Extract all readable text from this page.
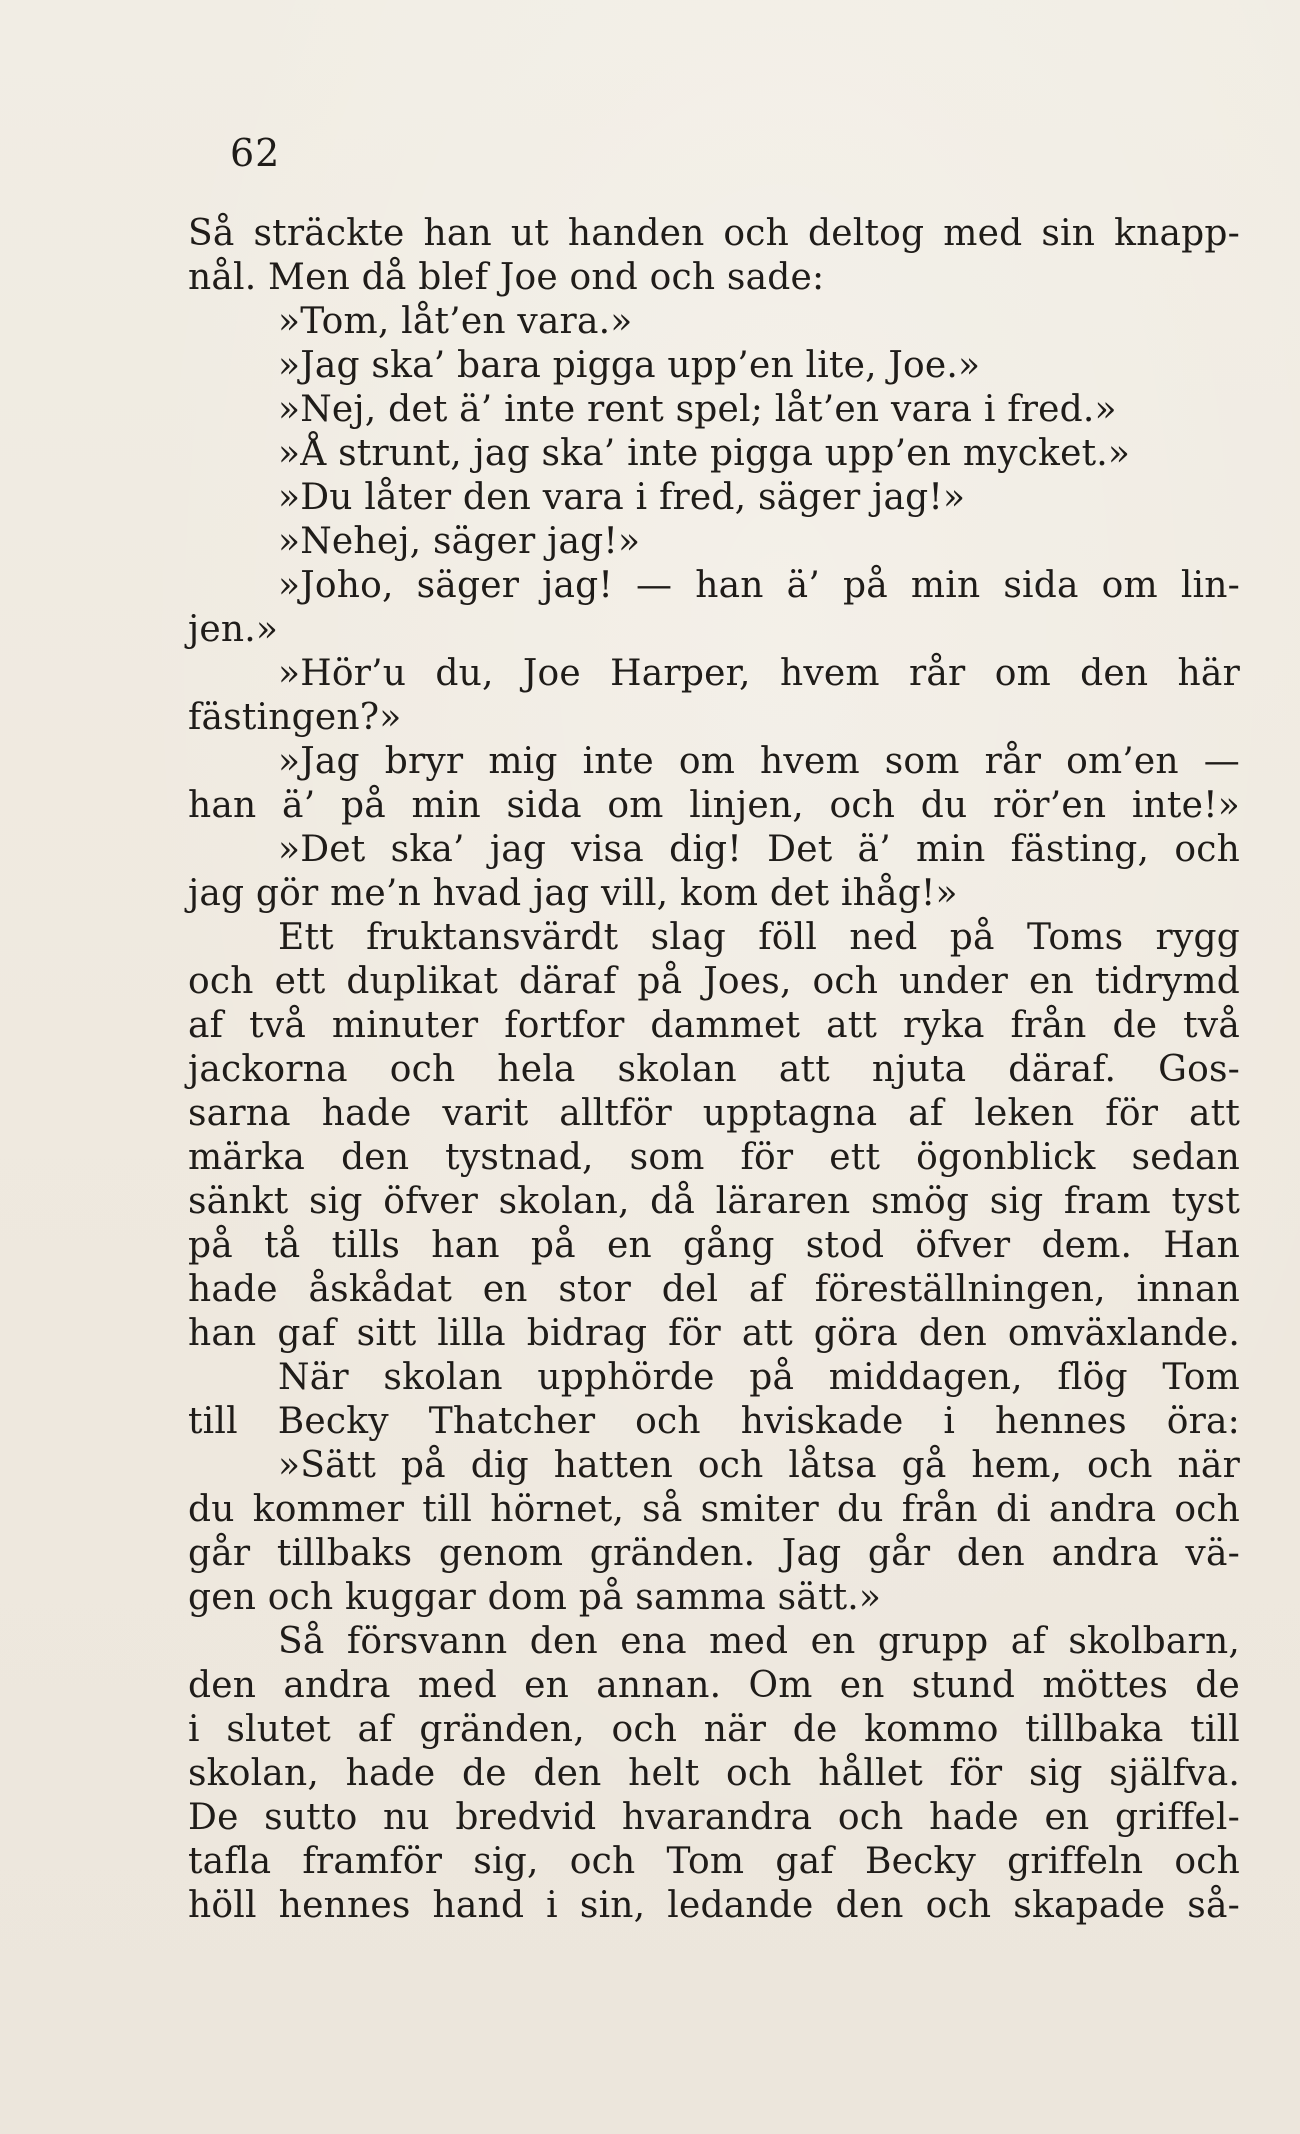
62
Så sträckte han ut handen och deltog med sin knapp-
nål. Men då blef Joe ond och sade:
»Tom, låt’en vara.»
»Jag ska’ bara pigga upp’en lite, Joe.»
»Nej, det ä’ inte rent spel; låt’en vara i fred.»
»Å strunt, jag ska’ inte pigga upp’en mycket.»
»Du låter den vara i fred, säger jag!»
»Nehej, säger jag!»
»Joho, säger jag! — han ä’ på min sida om lin-
jen.»
»Hör’u du, Joe Harper, hvem rår om den här
fästingen?»
»Jag bryr mig inte om hvem som rår om’en —
han ä’ på min sida om linjen, och du rör’en inte!»
»Det ska’ jag visa dig! Det ä’ min fästing, och
jag gör me’n hvad jag vill, kom det ihåg!»
Ett fruktansvärdt slag föll ned på Toms rygg
och ett duplikat däraf på Joes, och under en tidrymd
af två minuter fortfor dammet att ryka från de två
jackorna och hela skolan att njuta däraf. Gos-
sarna hade varit alltför upptagna af leken för att
märka den tystnad, som för ett ögonblick sedan
sänkt sig öfver skolan, då läraren smög sig fram tyst
på tå tills han på en gång stod öfver dem. Han
hade åskådat en stor del af föreställningen, innan
han gaf sitt lilla bidrag för att göra den omväxlande.
När skolan upphörde på middagen, flög Tom
till Becky Thatcher och hviskade i hennes öra:
»Sätt på dig hatten och låtsa gå hem, och när
du kommer till hörnet, så smiter du från di andra och
går tillbaks genom gränden. Jag går den andra vä-
gen och kuggar dom på samma sätt.»
Så försvann den ena med en grupp af skolbarn,
den andra med en annan. Om en stund möttes de
i slutet af gränden, och när de kommo tillbaka till
skolan, hade de den helt och hållet för sig själfva.
De sutto nu bredvid hvarandra och hade en griffel-
tafla framför sig, och Tom gaf Becky griffeln och
höll hennes hand i sin, ledande den och skapade så-
